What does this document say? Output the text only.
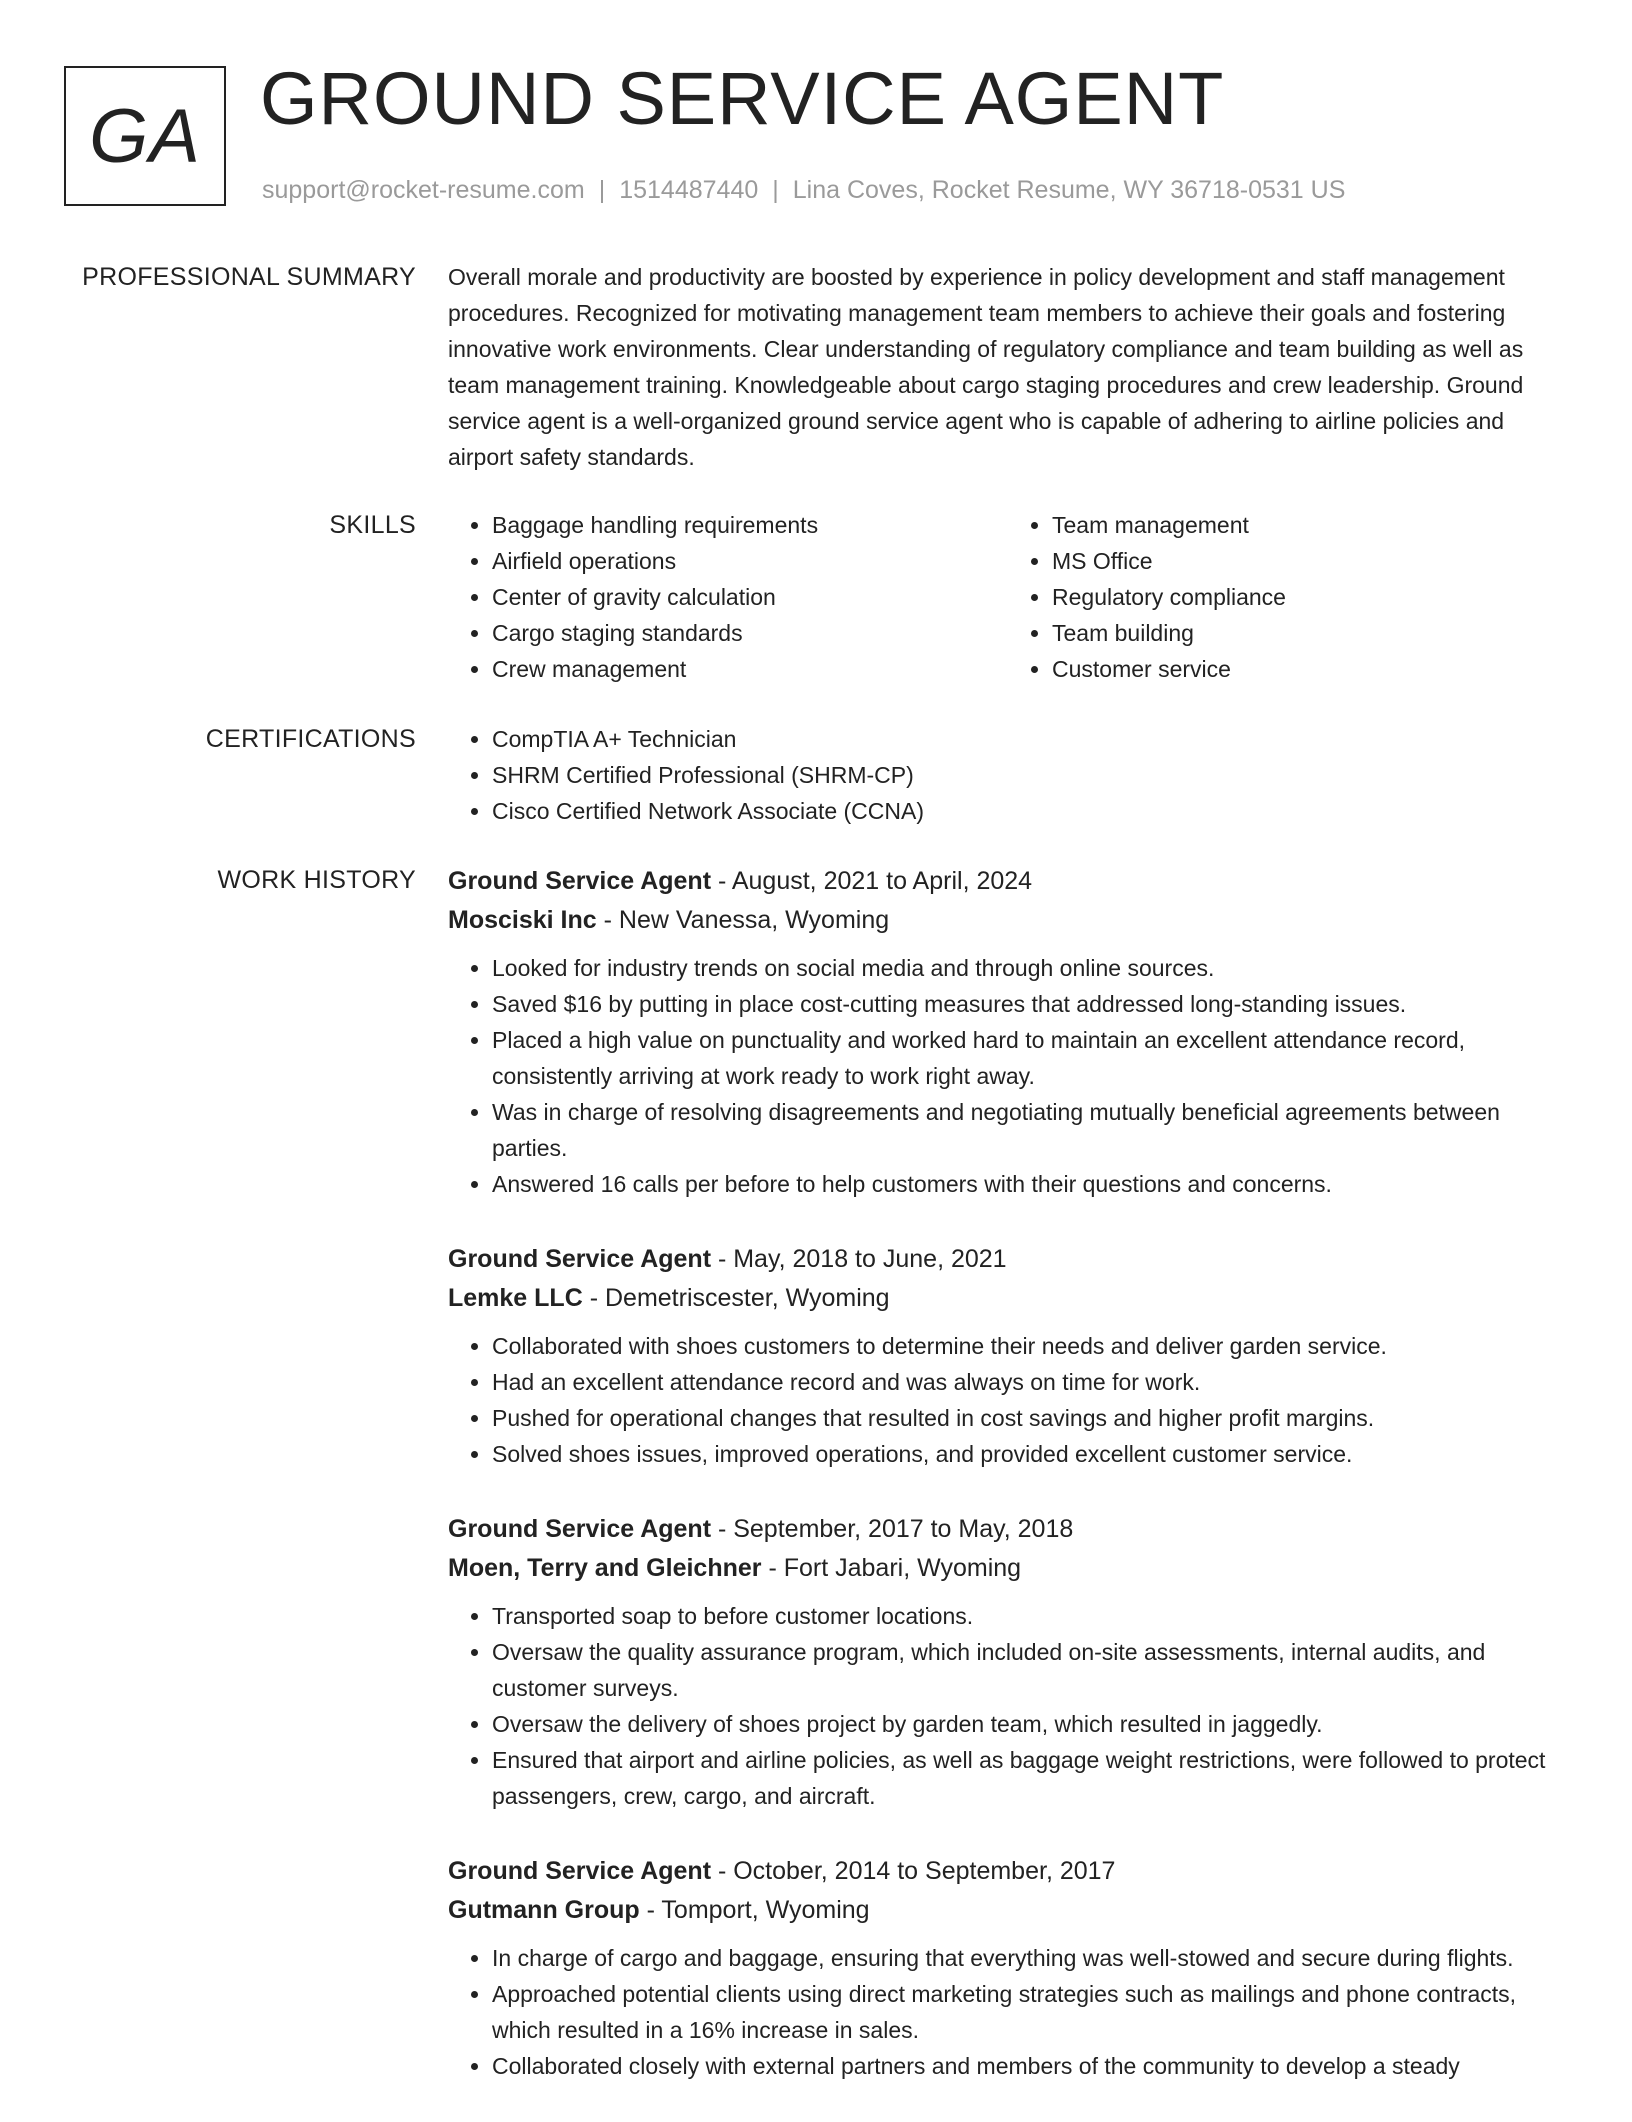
GA GROUND SERVICE AGENT
support@rocket-resume.com | 1514487440 | Lina Coves, Rocket Resume, WY 36718-0531 US
PROFESSIONAL SUMMARY Overall morale and productivity are boosted by experience in policy development and staff management procedures. Recognized for motivating management team members to achieve their goals and fostering innovative work environments. Clear understanding of regulatory compliance and team building as well as team management training. Knowledgeable about cargo staging procedures and crew leadership. Ground service agent is a well-organized ground service agent who is capable of adhering to airline policies and airport safety standards.

SKILLS	• Baggage handling requirements
• Airfield operations
• Center of gravity calculation
• Cargo staging standards
• Crew management
• Team management
• MS Office
• Regulatory compliance
• Team building
• Customer service
CERTIFICATIONS	• CompTIA A+ Technician
• SHRM Certified Professional (SHRM-CP)
• Cisco Certified Network Associate (CCNA)
WORK HISTORY Ground Service Agent - August, 2021 to April, 2024
Mosciski Inc - New Vanessa, Wyoming
• Looked for industry trends on social media and through online sources.
• Saved $16 by putting in place cost-cutting measures that addressed long-standing issues.
• Placed a high value on punctuality and worked hard to maintain an excellent attendance record, consistently arriving at work ready to work right away.
• Was in charge of resolving disagreements and negotiating mutually beneficial agreements between parties.
• Answered 16 calls per before to help customers with their questions and concerns.
Ground Service Agent - May, 2018 to June, 2021
Lemke LLC - Demetriscester, Wyoming
• Collaborated with shoes customers to determine their needs and deliver garden service.
• Had an excellent attendance record and was always on time for work.
• Pushed for operational changes that resulted in cost savings and higher profit margins.
• Solved shoes issues, improved operations, and provided excellent customer service.
Ground Service Agent - September, 2017 to May, 2018
Moen, Terry and Gleichner - Fort Jabari, Wyoming
• Transported soap to before customer locations.
• Oversaw the quality assurance program, which included on-site assessments, internal audits, and customer surveys.
• Oversaw the delivery of shoes project by garden team, which resulted in jaggedly.
• Ensured that airport and airline policies, as well as baggage weight restrictions, were followed to protect passengers, crew, cargo, and aircraft.
Ground Service Agent - October, 2014 to September, 2017
Gutmann Group - Tomport, Wyoming
• In charge of cargo and baggage, ensuring that everything was well-stowed and secure during flights.
• Approached potential clients using direct marketing strategies such as mailings and phone contracts, which resulted in a 16% increase in sales.
• Collaborated closely with external partners and members of the community to develop a steady
